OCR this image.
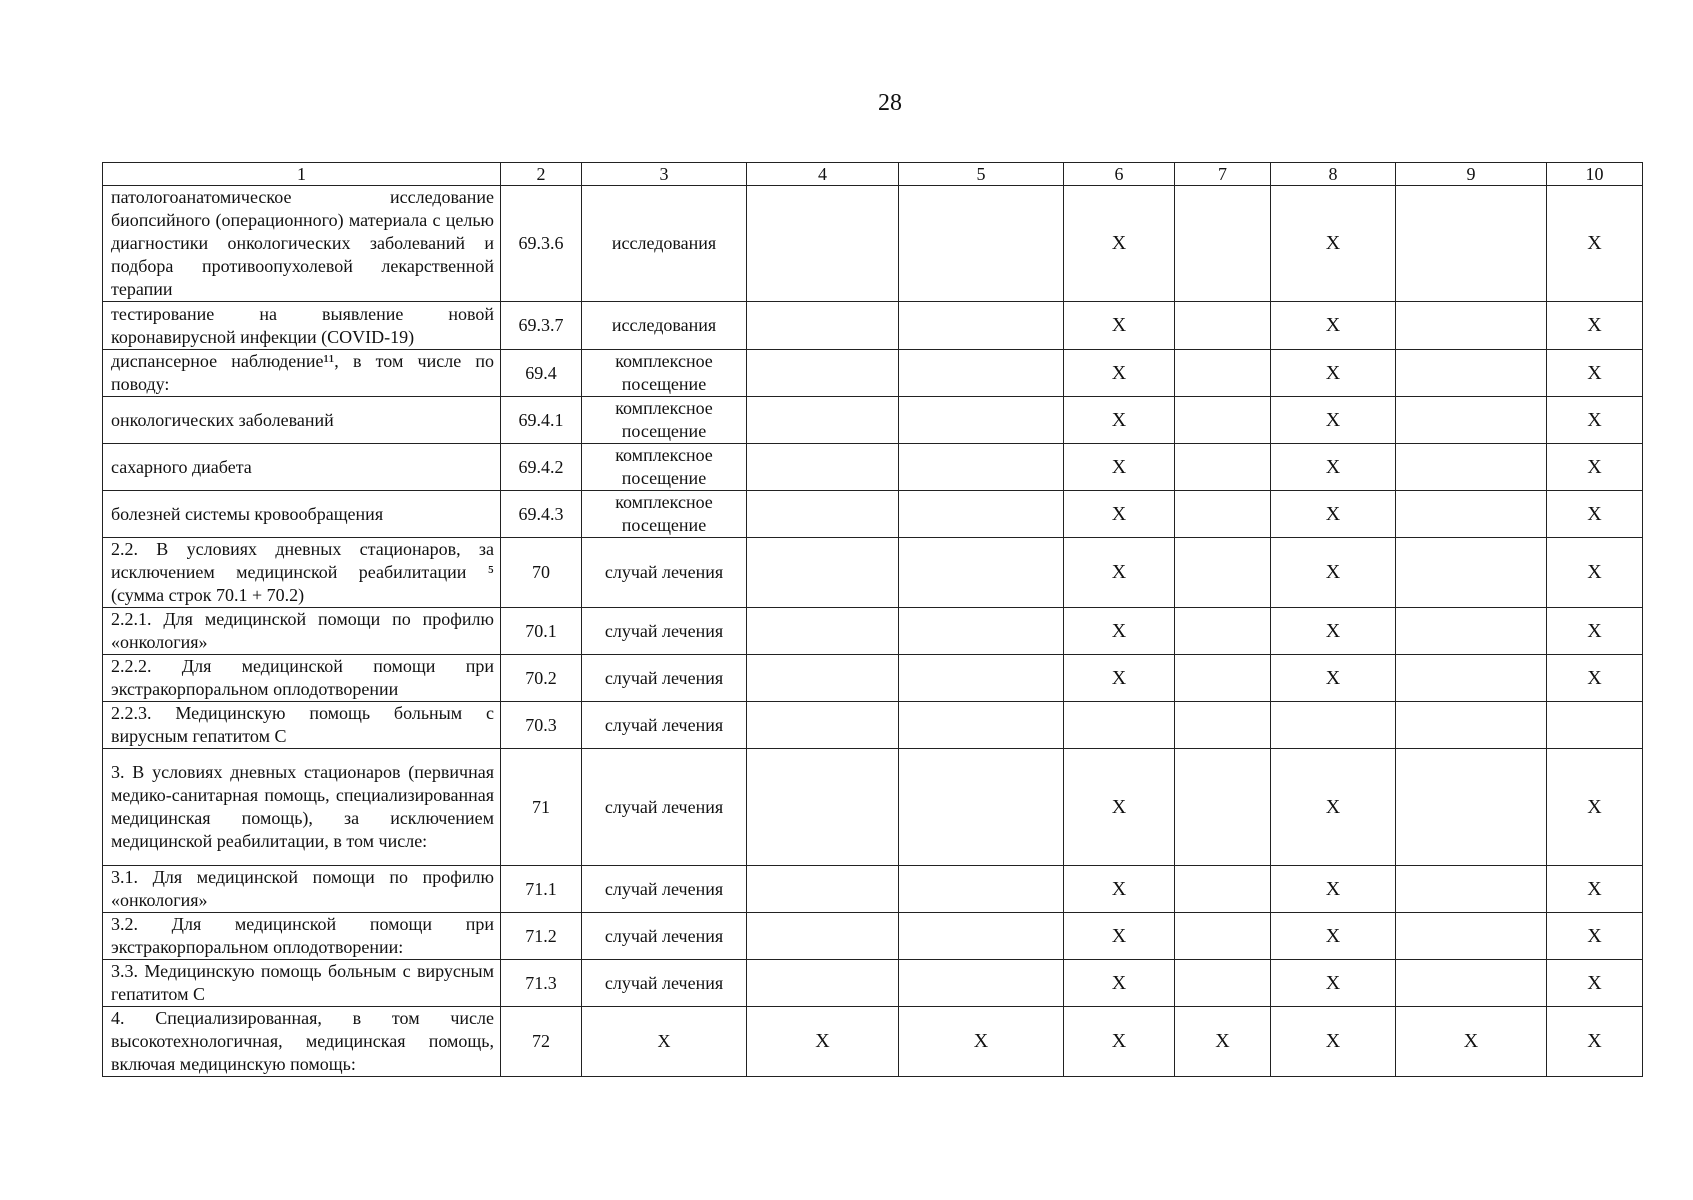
28
1	2	3	4	5	6	7	8	9	10

патологоанатомическое исследование биопсийного (операционного) материала с целью диагностики онкологических заболеваний и подбора противоопухолевой лекарственной терапии	69.3.6	исследования			X		X		X

тестирование на выявление новой коронавирусной инфекции (COVID-19)	69.3.7	исследования			X		X		X

диспансерное наблюдение¹¹, в том числе по поводу:	69.4	комплексное посещение			X		X		X

онкологических заболеваний	69.4.1	комплексное посещение			X		X		X

сахарного диабета	69.4.2	комплексное посещение			X		X		X

болезней системы кровообращения	69.4.3	комплексное посещение			X		X		X

2.2. В условиях дневных стационаров, за исключением медицинской реабилитации ⁵ (сумма строк 70.1 + 70.2)	70	случай лечения			X		X		X

2.2.1. Для медицинской помощи по профилю «онкология»	70.1	случай лечения			X		X		X

2.2.2. Для медицинской помощи при экстракорпоральном оплодотворении	70.2	случай лечения			X		X		X

2.2.3. Медицинскую помощь больным с вирусным гепатитом С	70.3	случай лечения							

3. В условиях дневных стационаров (первичная медико-санитарная помощь, специализированная медицинская помощь), за исключением медицинской реабилитации, в том числе:	71	случай лечения			X		X		X

3.1. Для медицинской помощи по профилю «онкология»	71.1	случай лечения			X		X		X

3.2. Для медицинской помощи при экстракорпоральном оплодотворении:	71.2	случай лечения			X		X		X

3.3. Медицинскую помощь больным с вирусным гепатитом С	71.3	случай лечения			X		X		X

4. Специализированная, в том числе высокотехнологичная, медицинская помощь, включая медицинскую помощь:	72	X	X	X	X	X	X	X	X
